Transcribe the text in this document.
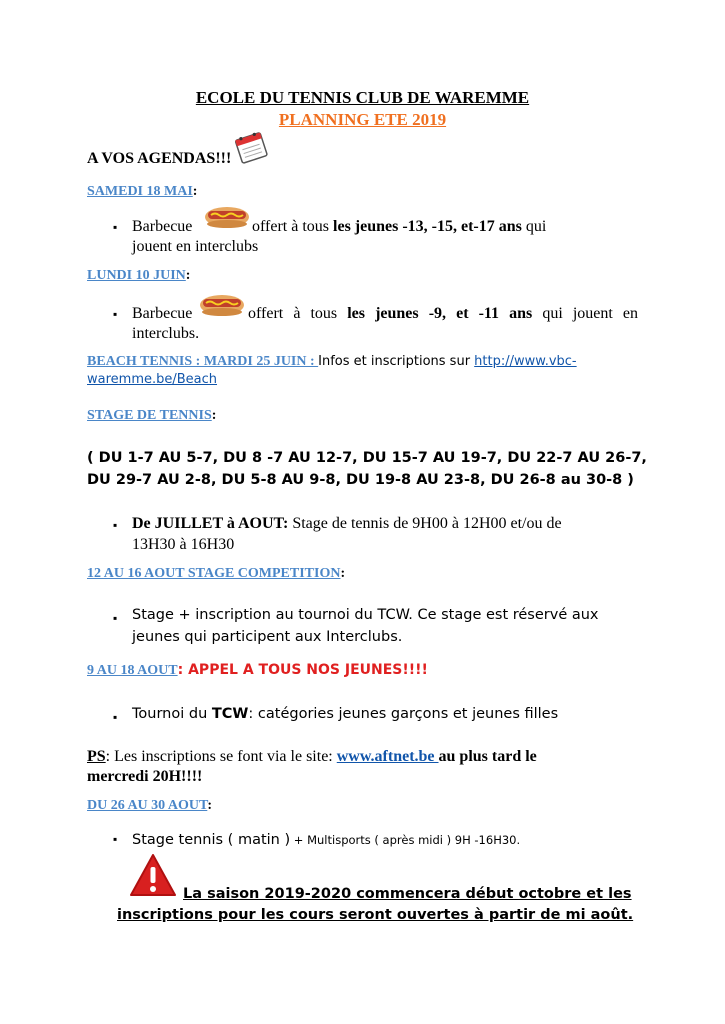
ECOLE DU TENNIS CLUB DE WAREMME
PLANNING ETE 2019
A VOS AGENDAS!!!
SAMEDI 18 MAI:
▪ Barbecue	offert à tous les jeunes -13, -15, et-17 ans qui
jouent en interclubs
LUNDI 10 JUIN:
▪ Barbecue	offert à tous les jeunes -9, et -11 ans qui jouent en
interclubs.
BEACH TENNIS : MARDI 25 JUIN : Infos et inscriptions sur http://www.vbc-
waremme.be/Beach
STAGE DE TENNIS:
( DU 1-7 AU 5-7, DU 8 -7 AU 12-7, DU 15-7 AU 19-7, DU 22-7 AU 26-7,
DU 29-7 AU 2-8, DU 5-8 AU 9-8, DU 19-8 AU 23-8, DU 26-8 au 30-8 )
▪ De JUILLET à AOUT: Stage de tennis de 9H00 à 12H00 et/ou de
13H30 à 16H30
12 AU 16 AOUT STAGE COMPETITION:
▪ Stage + inscription au tournoi du TCW. Ce stage est réservé aux
jeunes qui participent aux Interclubs.
9 AU 18 AOUT: APPEL A TOUS NOS JEUNES!!!!
▪ Tournoi du TCW: catégories jeunes garçons et jeunes filles
PS: Les inscriptions se font via le site: www.aftnet.be au plus tard le
mercredi 20H!!!!
DU 26 AU 30 AOUT:
▪ Stage tennis ( matin ) + Multisports ( après midi ) 9H -16H30.
La saison 2019-2020 commencera début octobre et les
inscriptions pour les cours seront ouvertes à partir de mi août.
